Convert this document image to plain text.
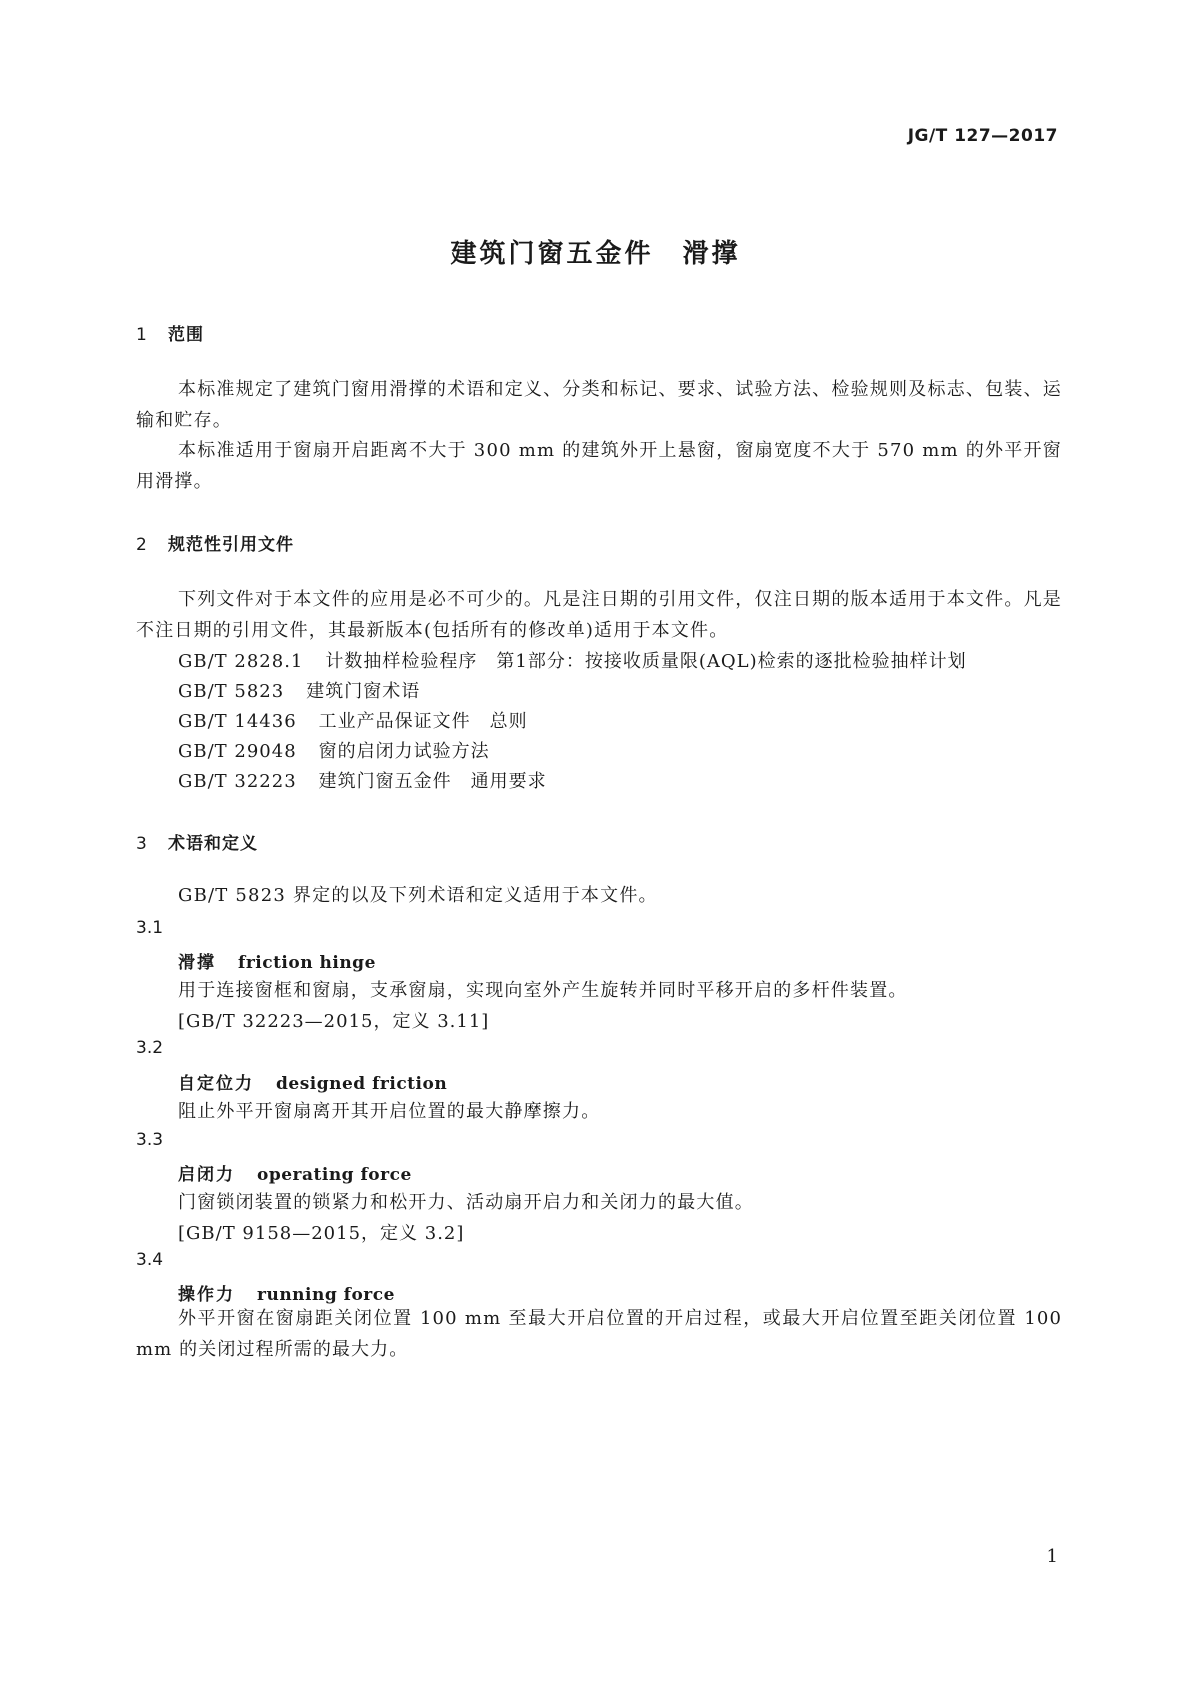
JG/T 127—2017
建筑门窗五金件　滑撑
1 范围
本标准规定了建筑门窗用滑撑的术语和定义、分类和标记、要求、试验方法、检验规则及标志、包装、运输和贮存。
本标准适用于窗扇开启距离不大于 300 mm 的建筑外开上悬窗，窗扇宽度不大于 570 mm 的外平开窗用滑撑。
2 规范性引用文件
下列文件对于本文件的应用是必不可少的。凡是注日期的引用文件，仅注日期的版本适用于本文件。凡是不注日期的引用文件，其最新版本(包括所有的修改单)适用于本文件。
GB/T 2828.1 计数抽样检验程序　第1部分：按接收质量限(AQL)检索的逐批检验抽样计划
GB/T 5823 建筑门窗术语
GB/T 14436 工业产品保证文件　总则
GB/T 29048 窗的启闭力试验方法
GB/T 32223 建筑门窗五金件　通用要求
3 术语和定义
GB/T 5823 界定的以及下列术语和定义适用于本文件。
3.1
滑撑 friction hinge
用于连接窗框和窗扇，支承窗扇，实现向室外产生旋转并同时平移开启的多杆件装置。
[GB/T 32223—2015，定义 3.11]
3.2
自定位力 designed friction
阻止外平开窗扇离开其开启位置的最大静摩擦力。
3.3
启闭力 operating force
门窗锁闭装置的锁紧力和松开力、活动扇开启力和关闭力的最大值。
[GB/T 9158—2015，定义 3.2]
3.4
操作力 running force
外平开窗在窗扇距关闭位置 100 mm 至最大开启位置的开启过程，或最大开启位置至距关闭位置 100 mm 的关闭过程所需的最大力。
1
